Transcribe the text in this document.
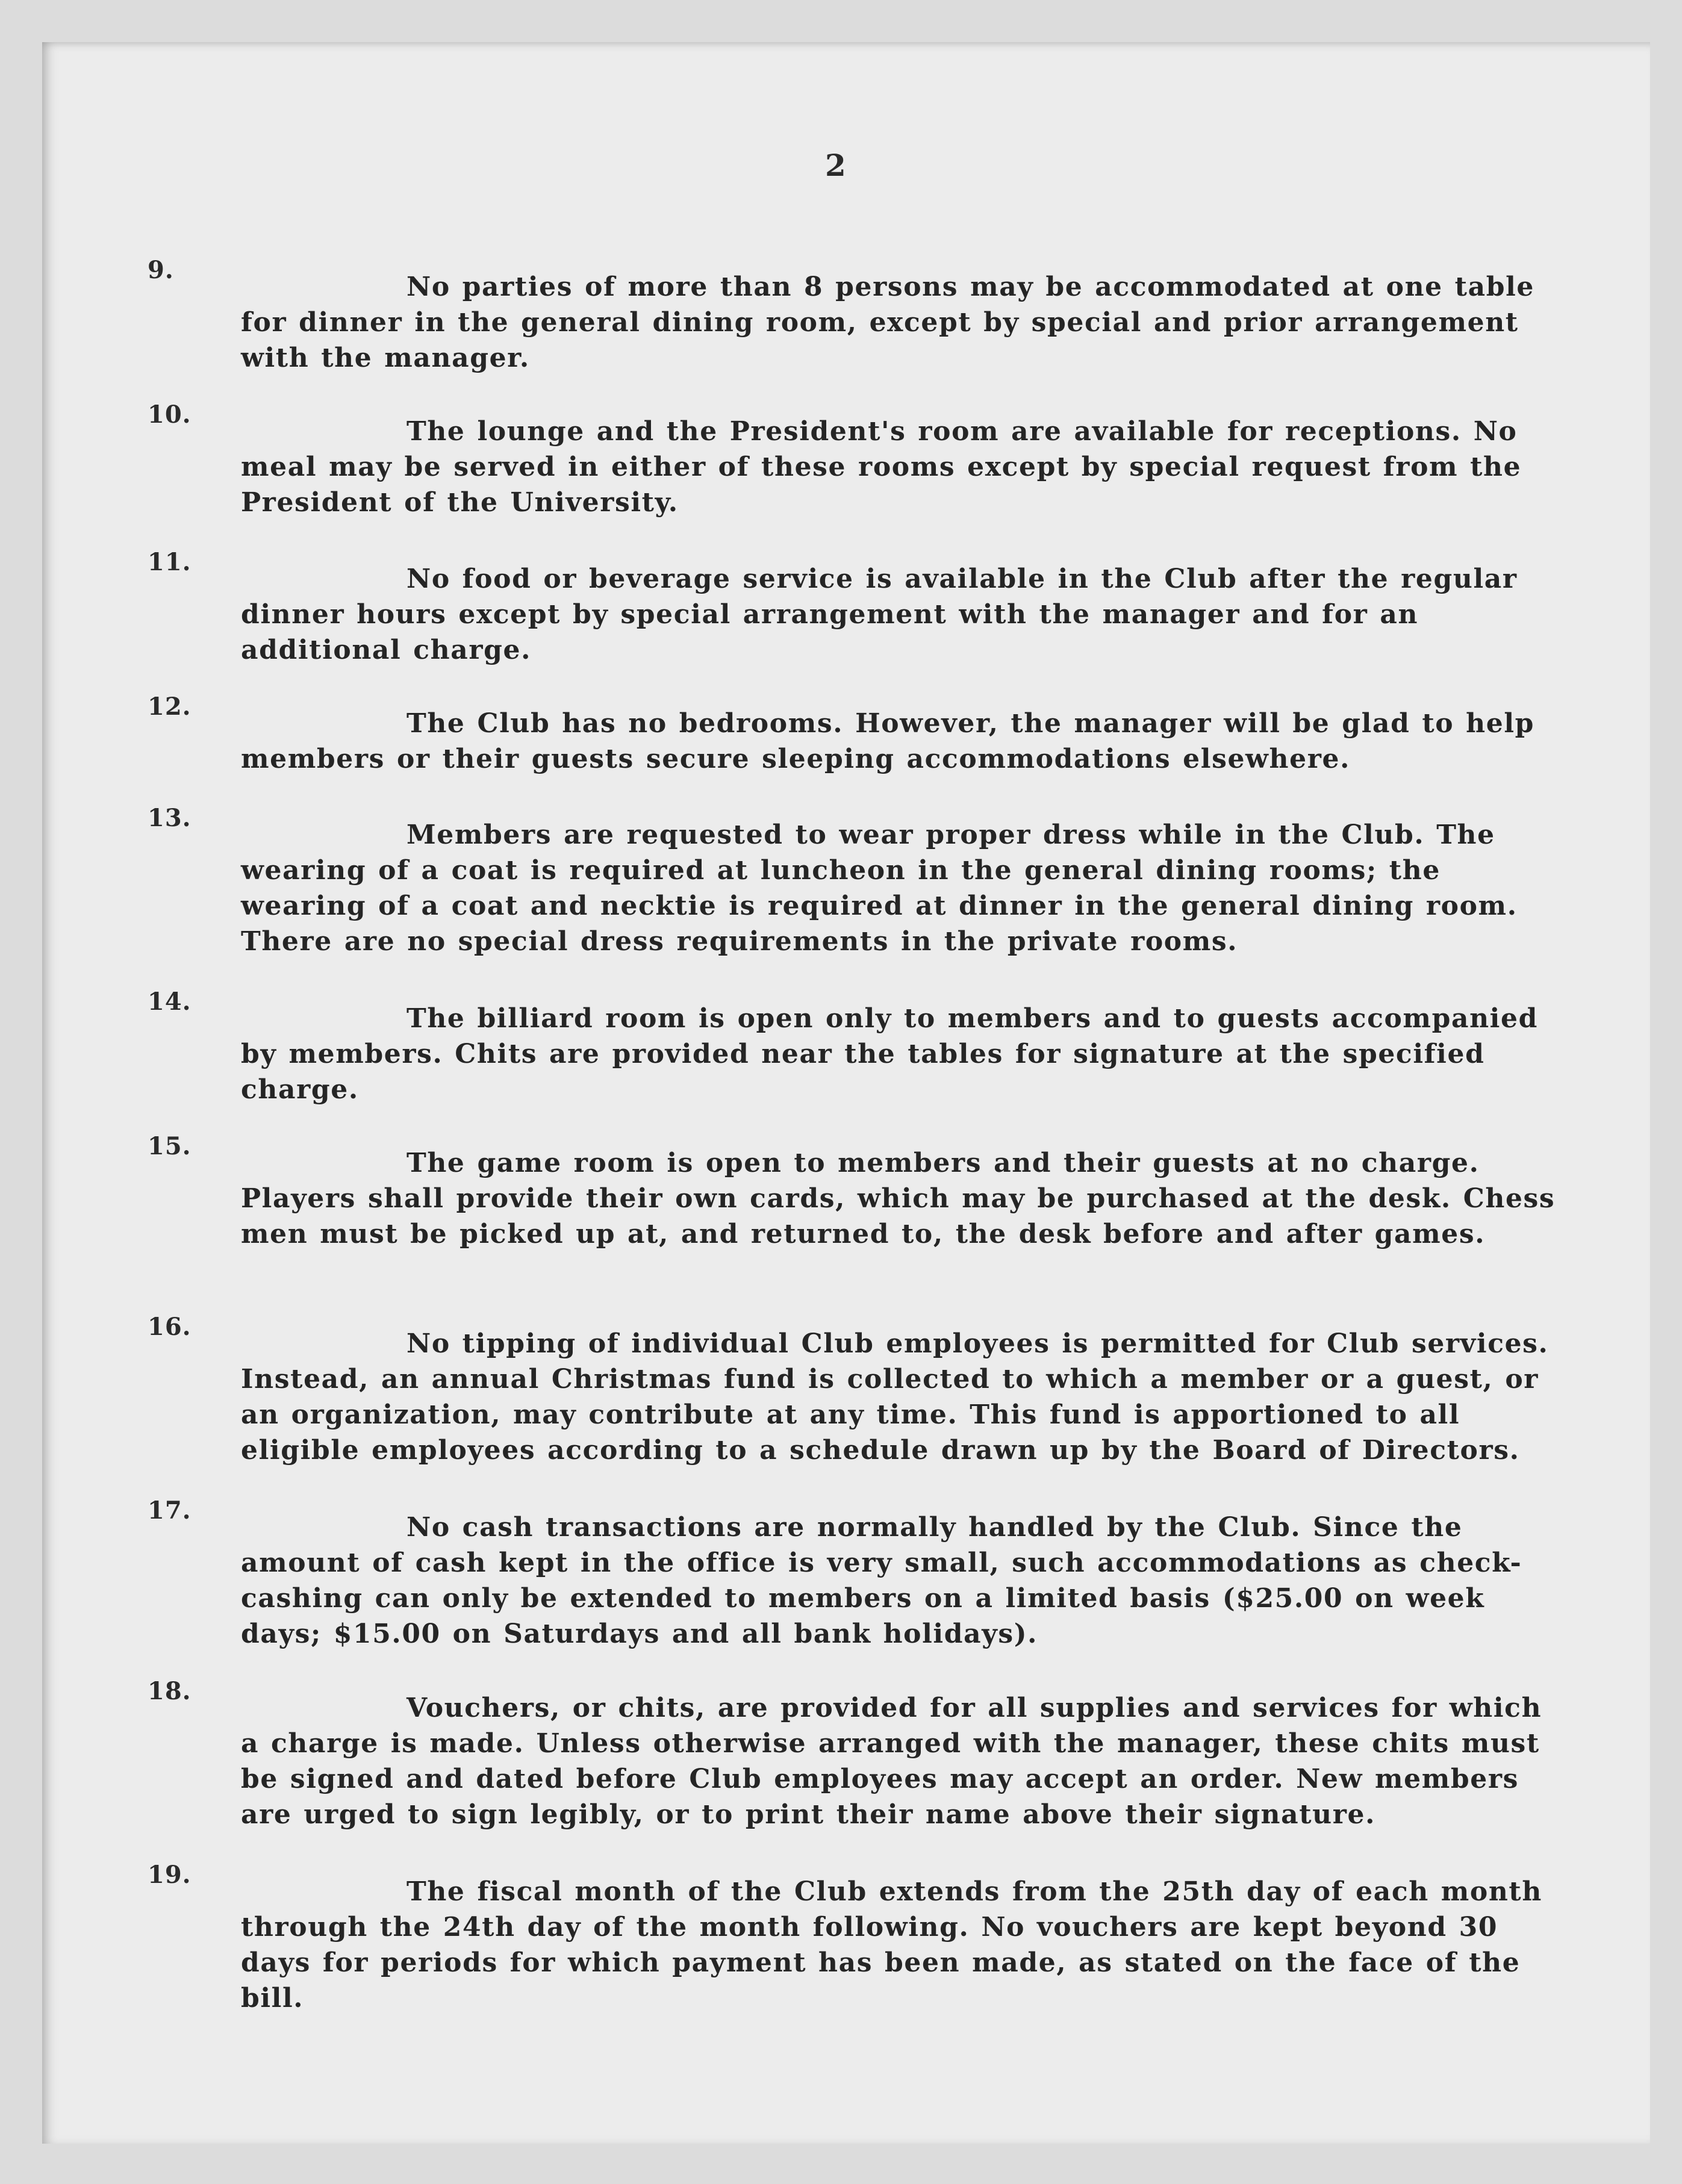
2
9.

No parties of more than 8 persons may be accommodated at one table for dinner in the general dining room, except by special and prior arrangement with the manager.

10.

The lounge and the President's room are available for receptions. No meal may be served in either of these rooms except by special request from the President of the University.

11.

No food or beverage service is available in the Club after the regular dinner hours except by special arrangement with the manager and for an additional charge.

12.

The Club has no bedrooms. However, the manager will be glad to help members or their guests secure sleeping accommodations elsewhere.

13.

Members are requested to wear proper dress while in the Club. The wearing of a coat is required at luncheon in the general dining rooms; the wearing of a coat and necktie is required at dinner in the general dining room. There are no special dress requirements in the private rooms.

14.

The billiard room is open only to members and to guests accompanied by members. Chits are provided near the tables for signature at the specified charge.

15.

The game room is open to members and their guests at no charge. Players shall provide their own cards, which may be purchased at the desk. Chess men must be picked up at, and returned to, the desk before and after games.

16.

No tipping of individual Club employees is permitted for Club services. Instead, an annual Christmas fund is collected to which a member or a guest, or an organization, may contribute at any time. This fund is apportioned to all eligible employees according to a schedule drawn up by the Board of Directors.

17.

No cash transactions are normally handled by the Club. Since the amount of cash kept in the office is very small, such accommodations as check-cashing can only be extended to members on a limited basis ($25.00 on week days; $15.00 on Saturdays and all bank holidays).

18.

Vouchers, or chits, are provided for all supplies and services for which a charge is made. Unless otherwise arranged with the manager, these chits must be signed and dated before Club employees may accept an order. New members are urged to sign legibly, or to print their name above their signature.

19.

The fiscal month of the Club extends from the 25th day of each month through the 24th day of the month following. No vouchers are kept beyond 30 days for periods for which payment has been made, as stated on the face of the bill.
